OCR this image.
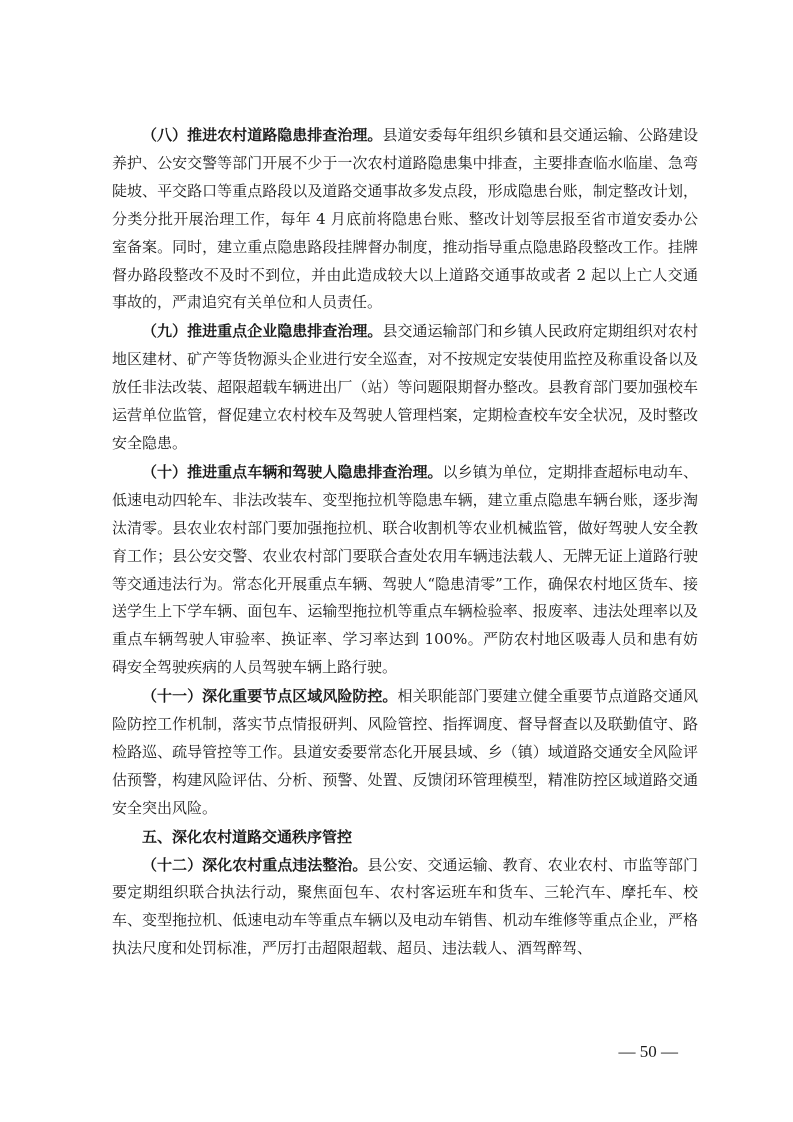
（八）推进农村道路隐患排查治理。县道安委每年组织乡镇和县交通运输、公路建设养护、公安交警等部门开展不少于一次农村道路隐患集中排查，主要排查临水临崖、急弯陡坡、平交路口等重点路段以及道路交通事故多发点段，形成隐患台账，制定整改计划，分类分批开展治理工作，每年 4 月底前将隐患台账、整改计划等层报至省市道安委办公室备案。同时，建立重点隐患路段挂牌督办制度，推动指导重点隐患路段整改工作。挂牌督办路段整改不及时不到位，并由此造成较大以上道路交通事故或者 2 起以上亡人交通事故的，严肃追究有关单位和人员责任。

（九）推进重点企业隐患排查治理。县交通运输部门和乡镇人民政府定期组织对农村地区建材、矿产等货物源头企业进行安全巡查，对不按规定安装使用监控及称重设备以及放任非法改装、超限超载车辆进出厂（站）等问题限期督办整改。县教育部门要加强校车运营单位监管，督促建立农村校车及驾驶人管理档案，定期检查校车安全状况，及时整改安全隐患。

（十）推进重点车辆和驾驶人隐患排查治理。以乡镇为单位，定期排查超标电动车、低速电动四轮车、非法改装车、变型拖拉机等隐患车辆，建立重点隐患车辆台账，逐步淘汰清零。县农业农村部门要加强拖拉机、联合收割机等农业机械监管，做好驾驶人安全教育工作；县公安交警、农业农村部门要联合查处农用车辆违法载人、无牌无证上道路行驶等交通违法行为。常态化开展重点车辆、驾驶人“隐患清零”工作，确保农村地区货车、接送学生上下学车辆、面包车、运输型拖拉机等重点车辆检验率、报废率、违法处理率以及重点车辆驾驶人审验率、换证率、学习率达到 100%。严防农村地区吸毒人员和患有妨碍安全驾驶疾病的人员驾驶车辆上路行驶。

（十一）深化重要节点区域风险防控。相关职能部门要建立健全重要节点道路交通风险防控工作机制，落实节点情报研判、风险管控、指挥调度、督导督查以及联勤值守、路检路巡、疏导管控等工作。县道安委要常态化开展县域、乡（镇）域道路交通安全风险评估预警，构建风险评估、分析、预警、处置、反馈闭环管理模型，精准防控区域道路交通安全突出风险。

五、深化农村道路交通秩序管控

（十二）深化农村重点违法整治。县公安、交通运输、教育、农业农村、市监等部门要定期组织联合执法行动，聚焦面包车、农村客运班车和货车、三轮汽车、摩托车、校车、变型拖拉机、低速电动车等重点车辆以及电动车销售、机动车维修等重点企业，严格执法尺度和处罚标准，严厉打击超限超载、超员、违法载人、酒驾醉驾、

— 50 —
